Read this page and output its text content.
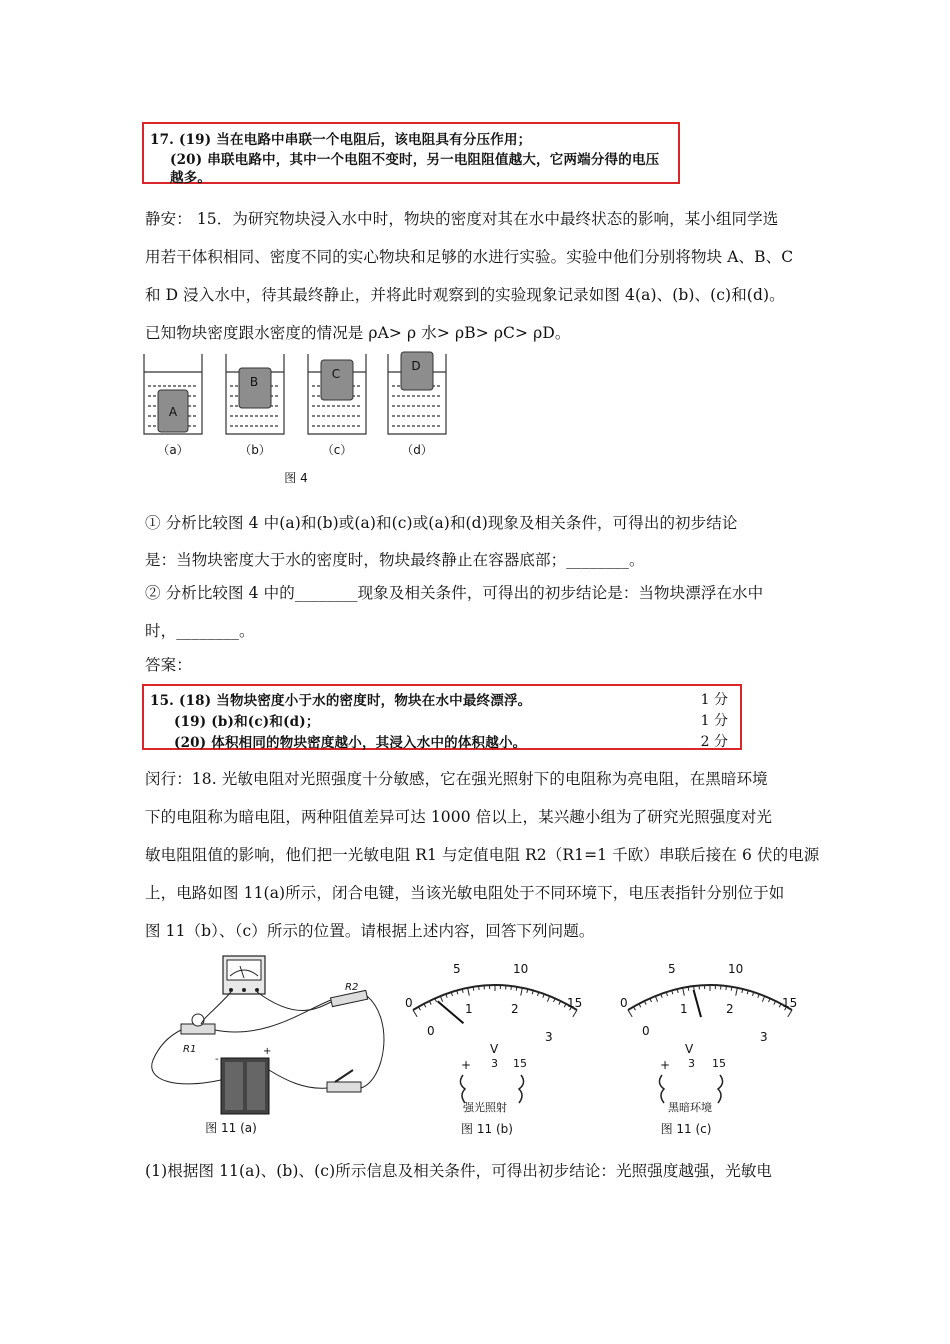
17. (19) 当在电路中串联一个电阻后，该电阻具有分压作用；
(20) 串联电路中，其中一个电阻不变时，另一电阻阻值越大，它两端分得的电压
越多。
静安： 15．为研究物块浸入水中时，物块的密度对其在水中最终状态的影响，某小组同学选
用若干体积相同、密度不同的实心物块和足够的水进行实验。实验中他们分别将物块 A、B、C
和 D 浸入水中，待其最终静止，并将此时观察到的实验现象记录如图 4(a)、(b)、(c)和(d)。
已知物块密度跟水密度的情况是 ρA> ρ 水> ρB> ρC> ρD。
A
B
C
D
（a）	（b）	（c）	（d）
图 4
① 分析比较图 4 中(a)和(b)或(a)和(c)或(a)和(d)现象及相关条件，可得出的初步结论
是：当物块密度大于水的密度时，物块最终静止在容器底部；________。
② 分析比较图 4 中的________现象及相关条件，可得出的初步结论是：当物块漂浮在水中
时，________。
答案：
15. (18) 当物块密度小于水的密度时，物块在水中最终漂浮。	1 分
(19) (b)和(c)和(d)；	1 分
(20) 体积相同的物块密度越小，其浸入水中的体积越小。	2 分
闵行：18. 光敏电阻对光照强度十分敏感，它在强光照射下的电阻称为亮电阻，在黑暗环境
下的电阻称为暗电阻，两种阻值差异可达 1000 倍以上，某兴趣小组为了研究光照强度对光
敏电阻阻值的影响，他们把一光敏电阻 R1 与定值电阻 R2（R1=1 千欧）串联后接在 6 伏的电源
上，电路如图 11(a)所示，闭合电键，当该光敏电阻处于不同环境下，电压表指针分别位于如
图 11（b）、（c）所示的位置。请根据上述内容，回答下列问题。
R1
R2
-
+
图 11 (a)
0
5	10
15
0
1	2
3
V
+ 3 15
强光照射
图 11 (b)
0
5	10
15
0
1	2
3
V
+ 3 15
黑暗环境
图 11 (c)
(1)根据图 11(a)、(b)、(c)所示信息及相关条件，可得出初步结论：光照强度越强，光敏电
